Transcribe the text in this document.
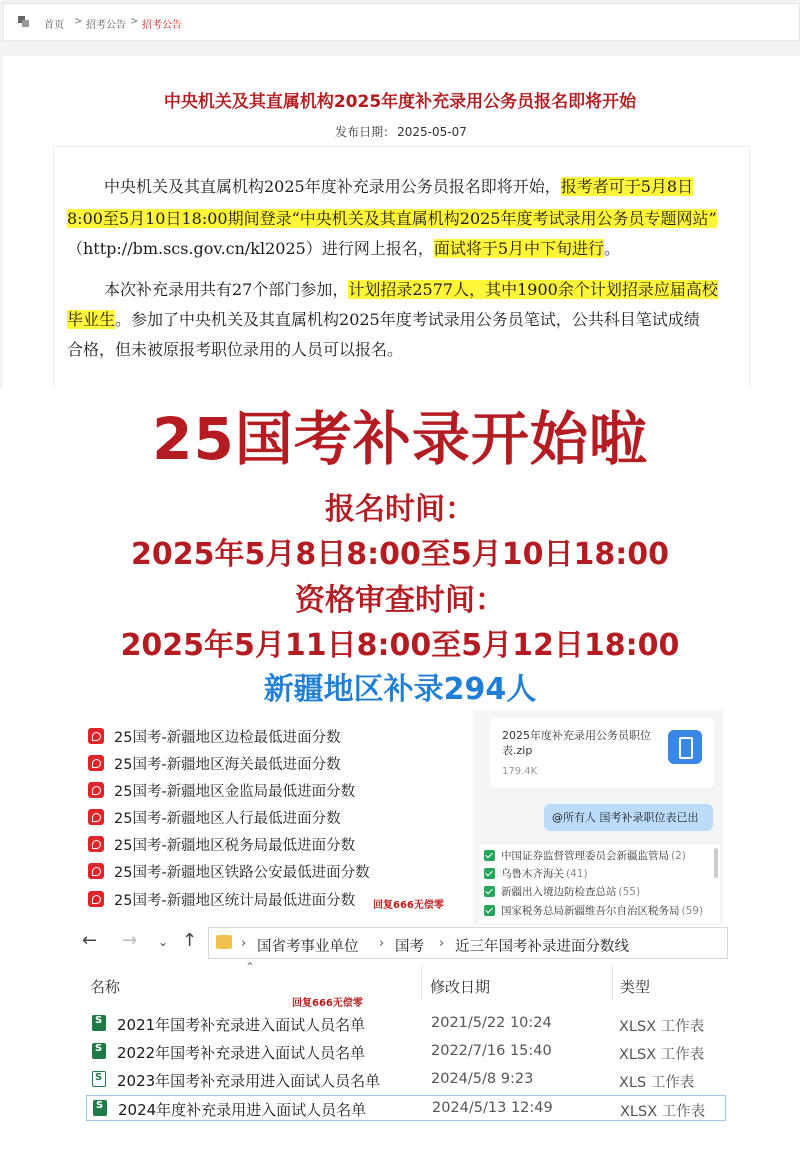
首页 > 招考公告 > 招考公告
中央机关及其直属机构2025年度补充录用公务员报名即将开始
发布日期： 2025-05-07
中央机关及其直属机构2025年度补充录用公务员报名即将开始，报考者可于5月8日
8:00至5月10日18:00期间登录“中央机关及其直属机构2025年度考试录用公务员专题网站”
（http://bm.scs.gov.cn/kl2025）进行网上报名，面试将于5月中下旬进行。
本次补充录用共有27个部门参加，计划招录2577人，其中1900余个计划招录应届高校
毕业生。参加了中央机关及其直属机构2025年度考试录用公务员笔试，公共科目笔试成绩
合格，但未被原报考职位录用的人员可以报名。
25国考补录开始啦
报名时间：
2025年5月8日8:00至5月10日18:00
资格审查时间：
2025年5月11日8:00至5月12日18:00
新疆地区补录294人
25国考-新疆地区边检最低进面分数
25国考-新疆地区海关最低进面分数
25国考-新疆地区金监局最低进面分数
25国考-新疆地区人行最低进面分数
25国考-新疆地区税务局最低进面分数
25国考-新疆地区铁路公安最低进面分数
25国考-新疆地区统计局最低进面分数 回复666无偿零
2025年度补充录用公务员职位表.zip
179.4K
@所有人 国考补录职位表已出
中国证券监督管理委员会新疆监管局 (2)
乌鲁木齐海关 (41)
新疆出入境边防检查总站 (55)
国家税务总局新疆维吾尔自治区税务局 (59)
← → ⌄ ↑	› 国省考事业单位 › 国考 › 近三年国考补录进面分数线
⌃
名称	修改日期	类型
回复666无偿零
S
2021年国考补充录进入面试人员名单	2021/5/22 10:24	XLSX 工作表
S
2022年国考补充录进入面试人员名单	2022/7/16 15:40	XLSX 工作表
S
2023年国考补充录用进入面试人员名单	2024/5/8 9:23	XLS 工作表
S
2024年度补充录用进入面试人员名单	2024/5/13 12:49	XLSX 工作表
